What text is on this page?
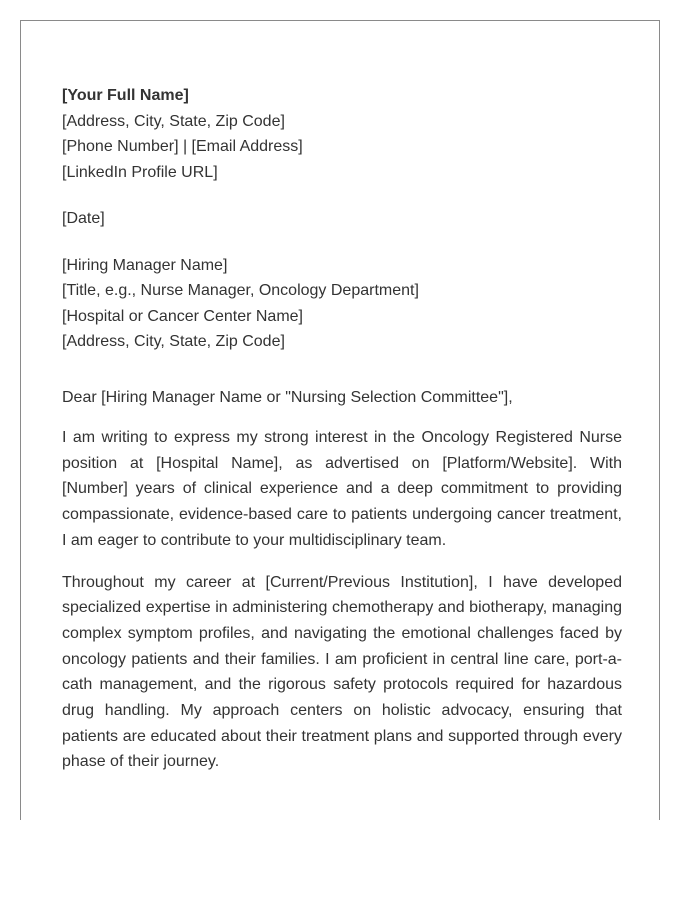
[Your Full Name]
[Address, City, State, Zip Code]
[Phone Number] | [Email Address]
[LinkedIn Profile URL]
[Date]
[Hiring Manager Name]
[Title, e.g., Nurse Manager, Oncology Department]
[Hospital or Cancer Center Name]
[Address, City, State, Zip Code]
Dear [Hiring Manager Name or "Nursing Selection Committee"],

I am writing to express my strong interest in the Oncology Registered Nurse position at [Hospital Name], as advertised on [Platform/Website]. With [Number] years of clinical experience and a deep commitment to providing compassionate, evidence-based care to patients undergoing cancer treatment, I am eager to contribute to your multidisciplinary team.

Throughout my career at [Current/Previous Institution], I have developed specialized expertise in administering chemotherapy and biotherapy, managing complex symptom profiles, and navigating the emotional challenges faced by oncology patients and their families. I am proficient in central line care, port-a-cath management, and the rigorous safety protocols required for hazardous drug handling. My approach centers on holistic advocacy, ensuring that patients are educated about their treatment plans and supported through every phase of their journey.
